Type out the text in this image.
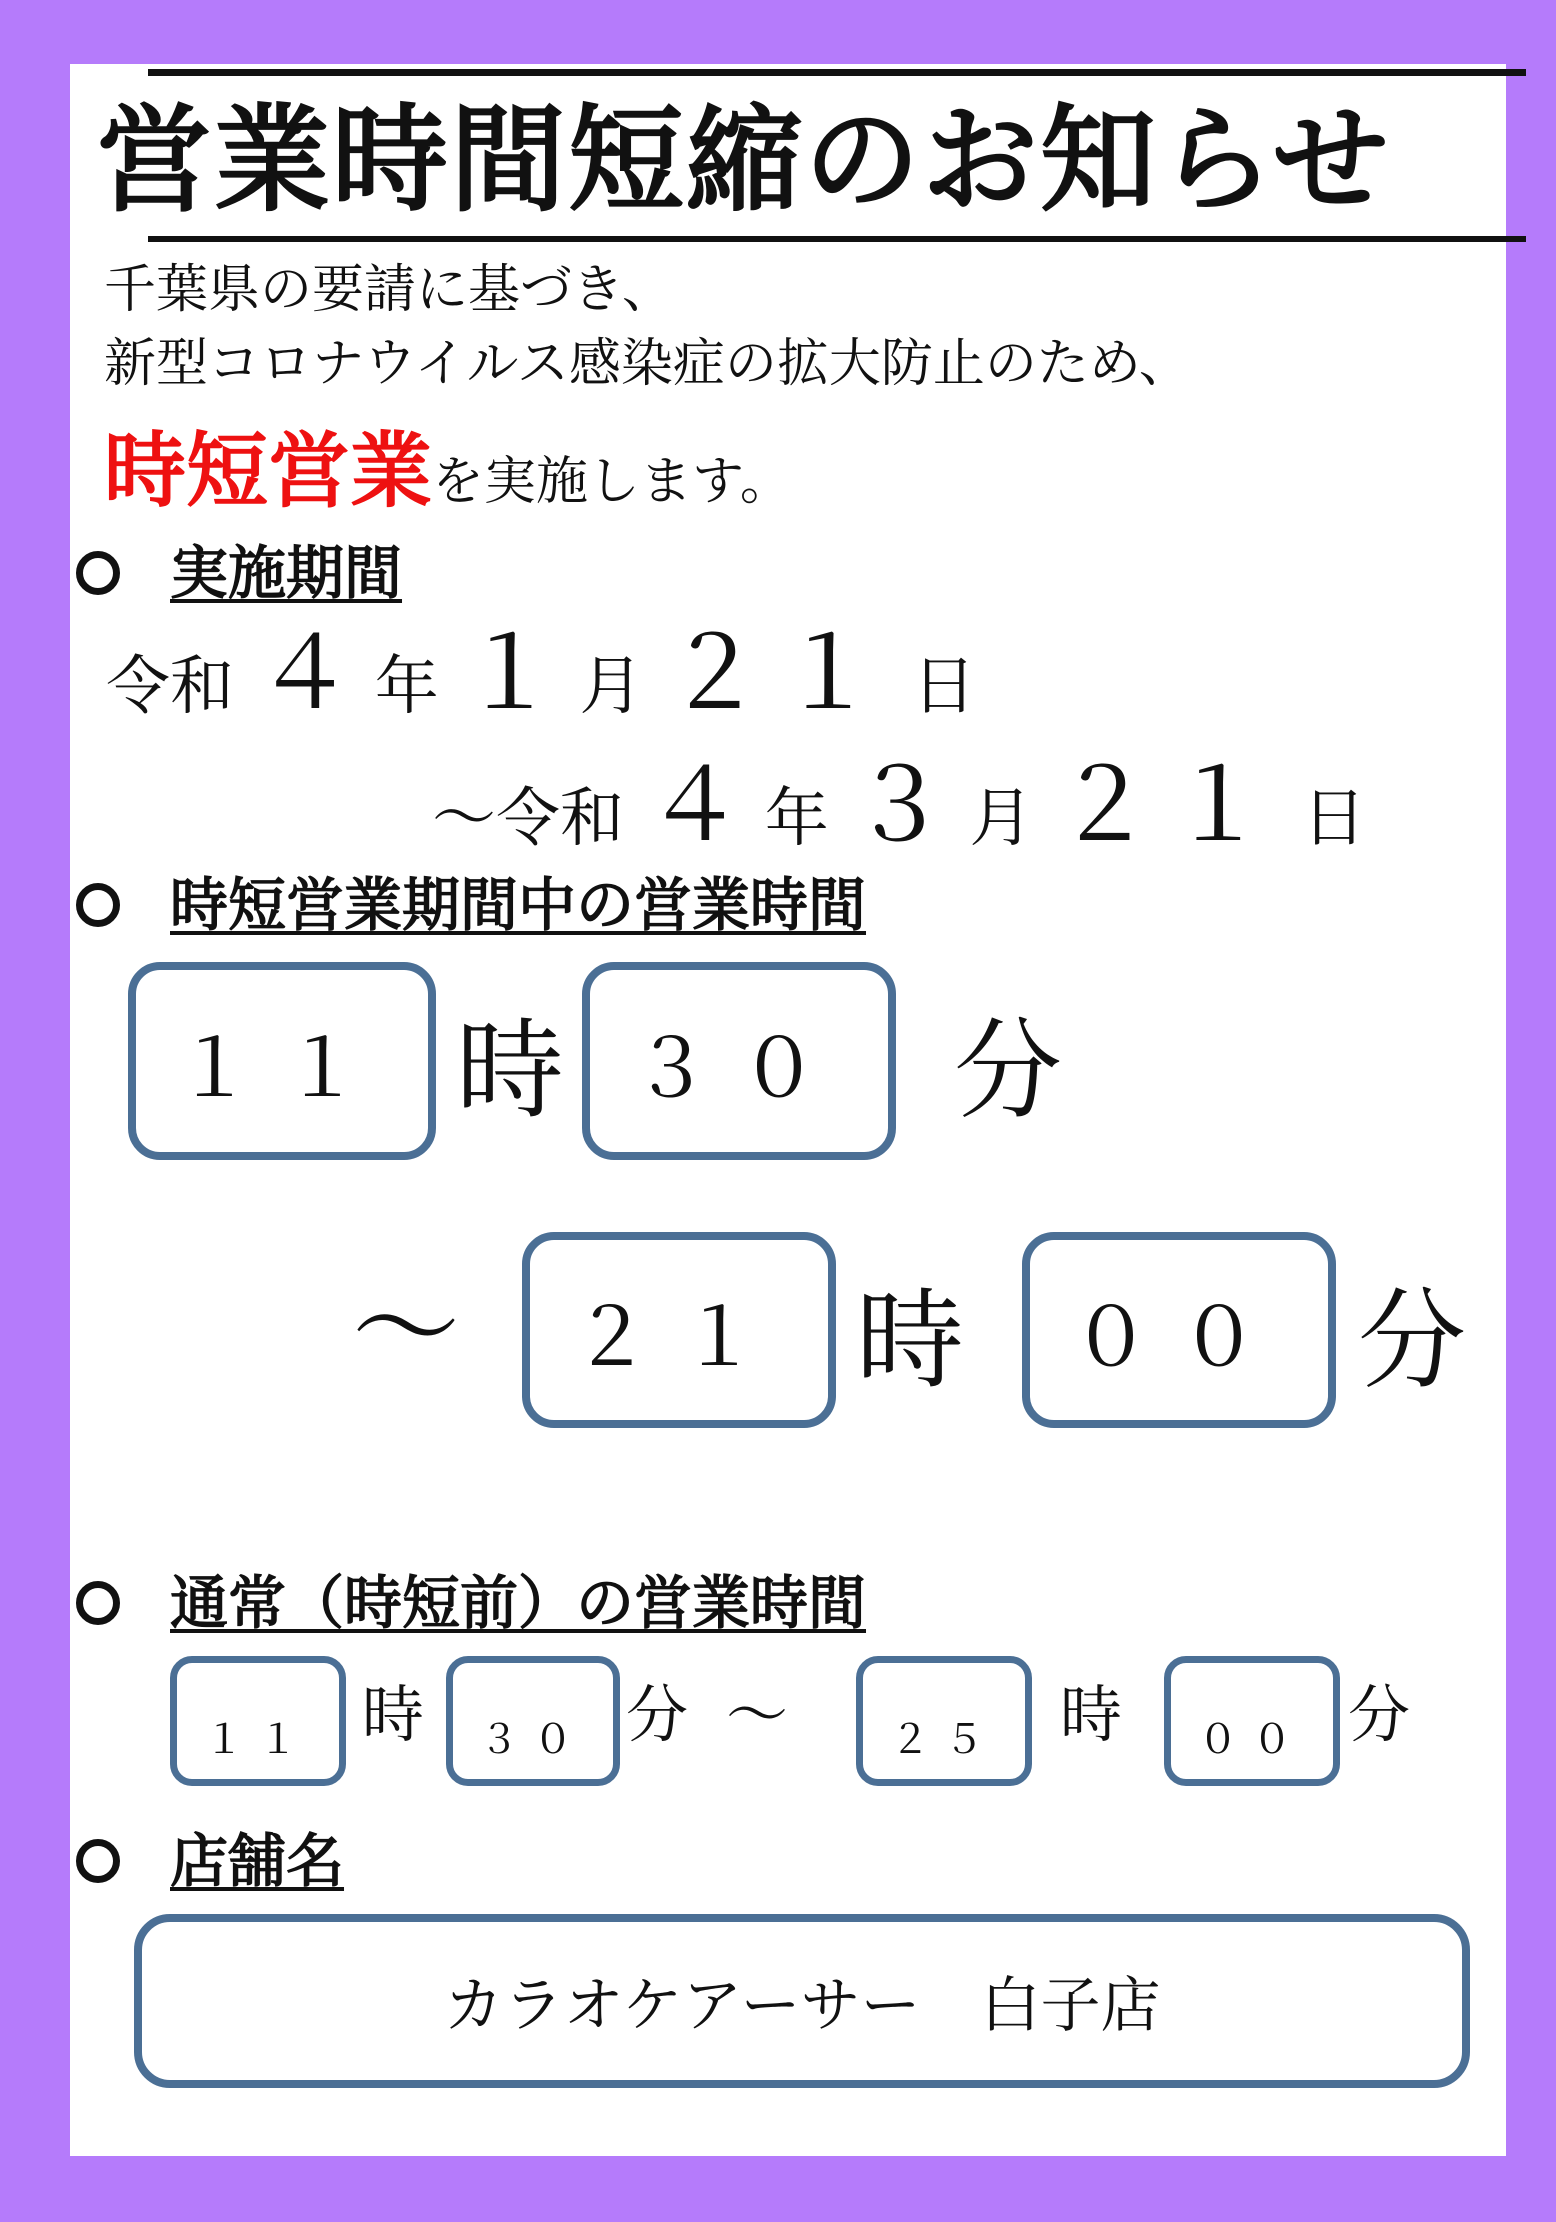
営業時間短縮のお知らせ
千葉県の要請に基づき、
新型コロナウイルス感染症の拡大防止のため、
時短営業を実施します。
実施期間
令和 ４ 年 １ 月 ２１ 日
～令和 ４ 年 ３ 月 ２１ 日
時短営業期間中の営業時間
１１ 時 ３０ 分
～	２１ 時	００ 分
通常（時短前）の営業時間
１１ 時	３０ 分 ～	２５	時	００ 分
店舗名
カラオケアーサー　白子店
